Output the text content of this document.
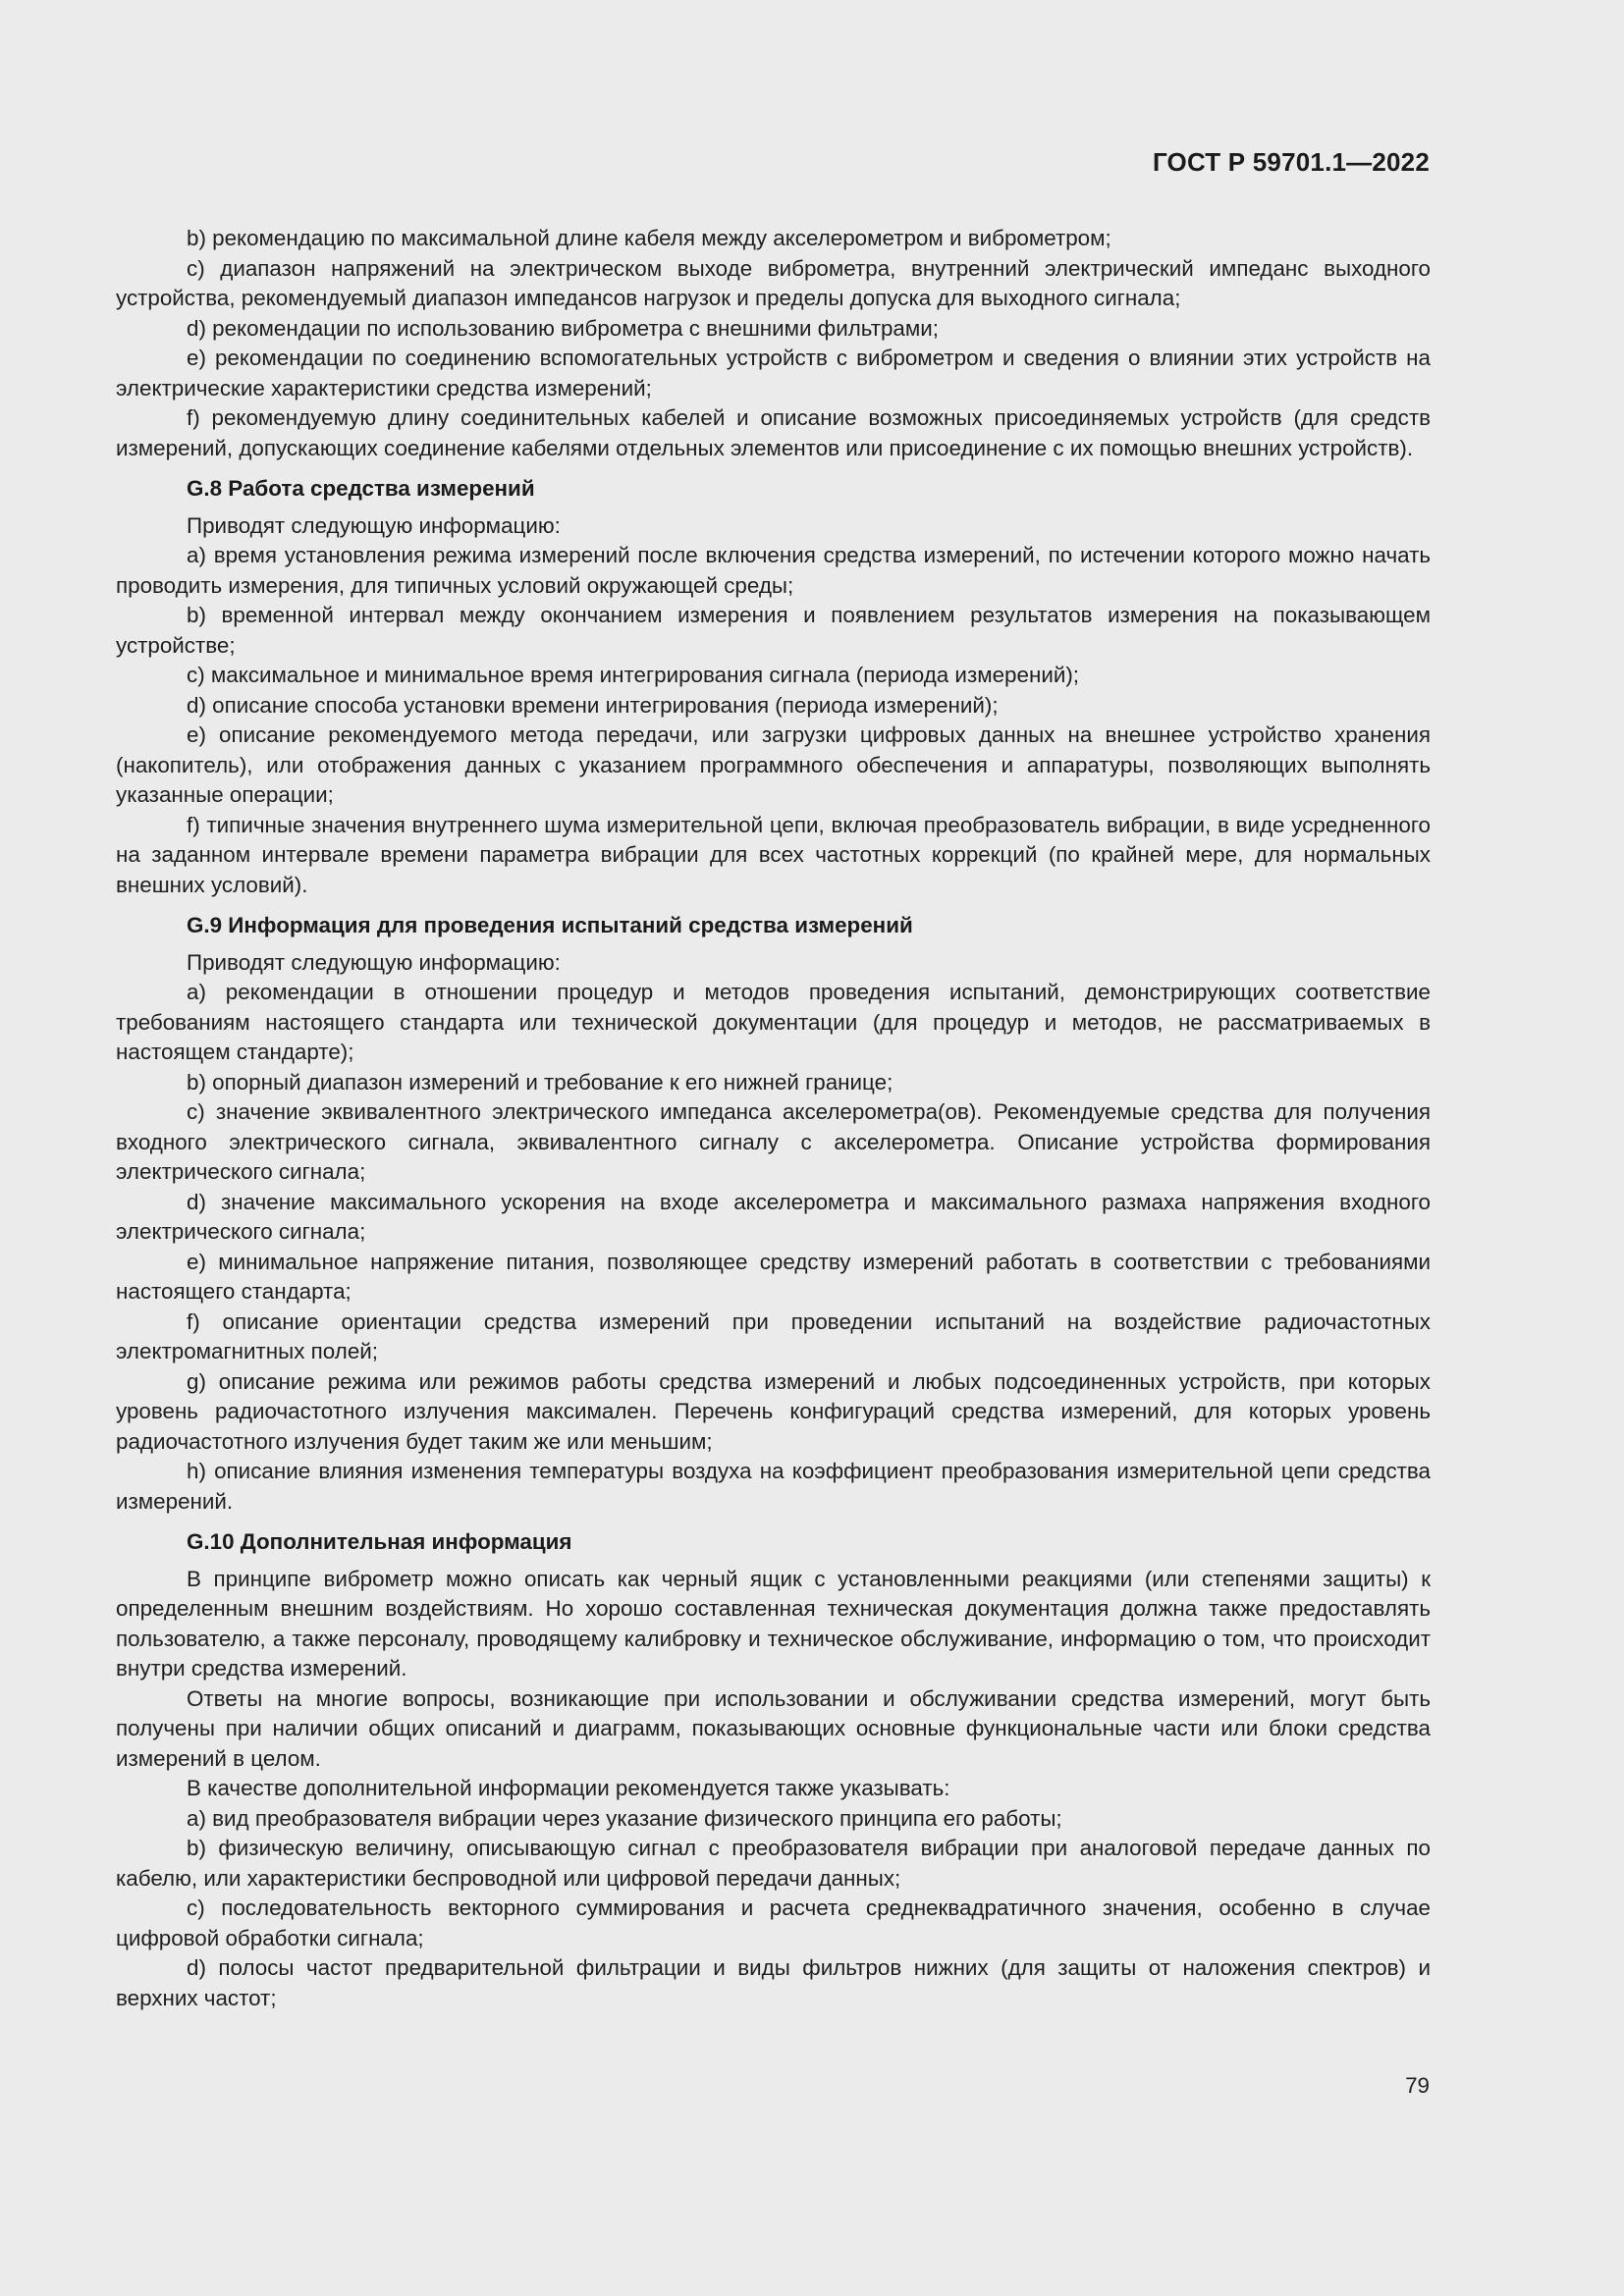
ГОСТ Р 59701.1—2022

b) рекомендацию по максимальной длине кабеля между акселерометром и виброметром;

c) диапазон напряжений на электрическом выходе виброметра, внутренний электрический импеданс выходного устройства, рекомендуемый диапазон импедансов нагрузок и пределы допуска для выходного сигнала;

d) рекомендации по использованию виброметра с внешними фильтрами;

e) рекомендации по соединению вспомогательных устройств с виброметром и сведения о влиянии этих устройств на электрические характеристики средства измерений;

f) рекомендуемую длину соединительных кабелей и описание возможных присоединяемых устройств (для средств измерений, допускающих соединение кабелями отдельных элементов или присоединение с их помощью внешних устройств).

G.8 Работа средства измерений

Приводят следующую информацию:

a) время установления режима измерений после включения средства измерений, по истечении которого можно начать проводить измерения, для типичных условий окружающей среды;

b) временной интервал между окончанием измерения и появлением результатов измерения на показывающем устройстве;

c) максимальное и минимальное время интегрирования сигнала (периода измерений);

d) описание способа установки времени интегрирования (периода измерений);

e) описание рекомендуемого метода передачи, или загрузки цифровых данных на внешнее устройство хранения (накопитель), или отображения данных с указанием программного обеспечения и аппаратуры, позволяющих выполнять указанные операции;

f) типичные значения внутреннего шума измерительной цепи, включая преобразователь вибрации, в виде усредненного на заданном интервале времени параметра вибрации для всех частотных коррекций (по крайней мере, для нормальных внешних условий).

G.9 Информация для проведения испытаний средства измерений

Приводят следующую информацию:

a) рекомендации в отношении процедур и методов проведения испытаний, демонстрирующих соответствие требованиям настоящего стандарта или технической документации (для процедур и методов, не рассматриваемых в настоящем стандарте);

b) опорный диапазон измерений и требование к его нижней границе;

c) значение эквивалентного электрического импеданса акселерометра(ов). Рекомендуемые средства для получения входного электрического сигнала, эквивалентного сигналу с акселерометра. Описание устройства формирования электрического сигнала;

d) значение максимального ускорения на входе акселерометра и максимального размаха напряжения входного электрического сигнала;

e) минимальное напряжение питания, позволяющее средству измерений работать в соответствии с требованиями настоящего стандарта;

f) описание ориентации средства измерений при проведении испытаний на воздействие радиочастотных электромагнитных полей;

g) описание режима или режимов работы средства измерений и любых подсоединенных устройств, при которых уровень радиочастотного излучения максимален. Перечень конфигураций средства измерений, для которых уровень радиочастотного излучения будет таким же или меньшим;

h) описание влияния изменения температуры воздуха на коэффициент преобразования измерительной цепи средства измерений.

G.10 Дополнительная информация

В принципе виброметр можно описать как черный ящик с установленными реакциями (или степенями защиты) к определенным внешним воздействиям. Но хорошо составленная техническая документация должна также предоставлять пользователю, а также персоналу, проводящему калибровку и техническое обслуживание, информацию о том, что происходит внутри средства измерений.

Ответы на многие вопросы, возникающие при использовании и обслуживании средства измерений, могут быть получены при наличии общих описаний и диаграмм, показывающих основные функциональные части или блоки средства измерений в целом.

В качестве дополнительной информации рекомендуется также указывать:

a) вид преобразователя вибрации через указание физического принципа его работы;

b) физическую величину, описывающую сигнал с преобразователя вибрации при аналоговой передаче данных по кабелю, или характеристики беспроводной или цифровой передачи данных;

c) последовательность векторного суммирования и расчета среднеквадратичного значения, особенно в случае цифровой обработки сигнала;

d) полосы частот предварительной фильтрации и виды фильтров нижних (для защиты от наложения спектров) и верхних частот;

79
